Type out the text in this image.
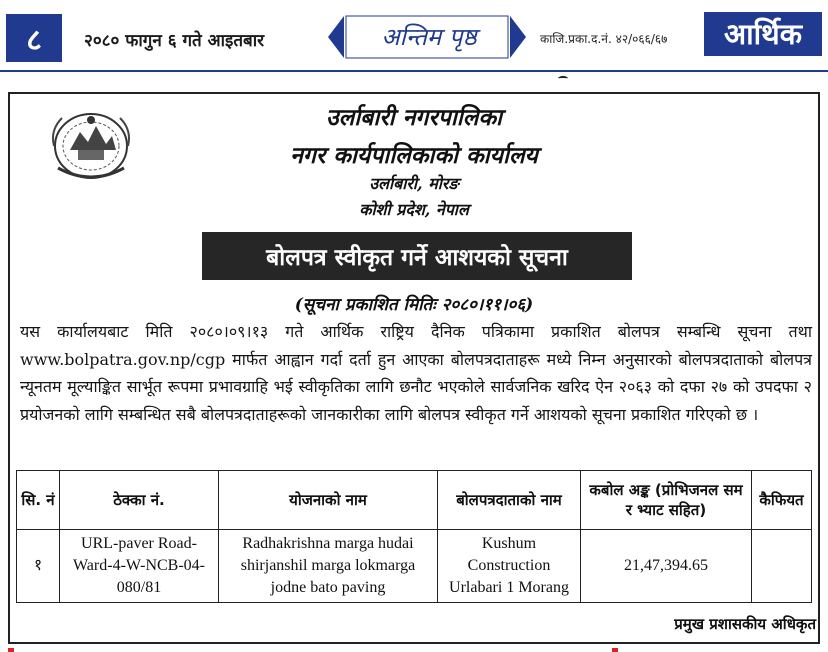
८	२०८० फागुन ६ गते आइतबार	अन्तिम पृष्ठ	काजि.प्रका.द.नं. ४२/०६६/६७	आर्थिक
उर्लाबारी नगरपालिका
नगर कार्यपालिकाको कार्यालय
उर्लाबारी, मोरङ
कोशी प्रदेश, नेपाल
बोलपत्र स्वीकृत गर्ने आशयको सूचना
(सूचना प्रकाशित मितिः २०८०।११।०६)
यस कार्यालयबाट मिति २०८०।०९।१३ गते आर्थिक राष्ट्रिय दैनिक पत्रिकामा प्रकाशित बोलपत्र सम्बन्धि सूचना तथा www.bolpatra.gov.np/cgp मार्फत आह्वान गर्दा दर्ता हुन आएका बोलपत्रदाताहरू मध्ये निम्न अनुसारको बोलपत्रदाताको बोलपत्र न्यूनतम मूल्याङ्कित सार्भूत रूपमा प्रभावग्राहि भई स्वीकृतिका लागि छनौट भएकोले सार्वजनिक खरिद ऐन २०६३ को दफा २७ को उपदफा २ प्रयोजनको लागि सम्बन्धित सबै बोलपत्रदाताहरूको जानकारीका लागि बोलपत्र स्वीकृत गर्ने आशयको सूचना प्रकाशित गरिएको छ ।
सि. नं	ठेक्का नं.	योजनाको नाम	बोलपत्रदाताको नाम	कबोल अङ्क (प्रोभिजनल सम र भ्याट सहित)	कैफियत
१	URL-paver Road-Ward-4-W-NCB-04-080/81	Radhakrishna marga hudai shirjanshil marga lokmarga jodne bato paving	Kushum Construction Urlabari 1 Morang	21,47,394.65	
प्रमुख प्रशासकीय अधिकृत
